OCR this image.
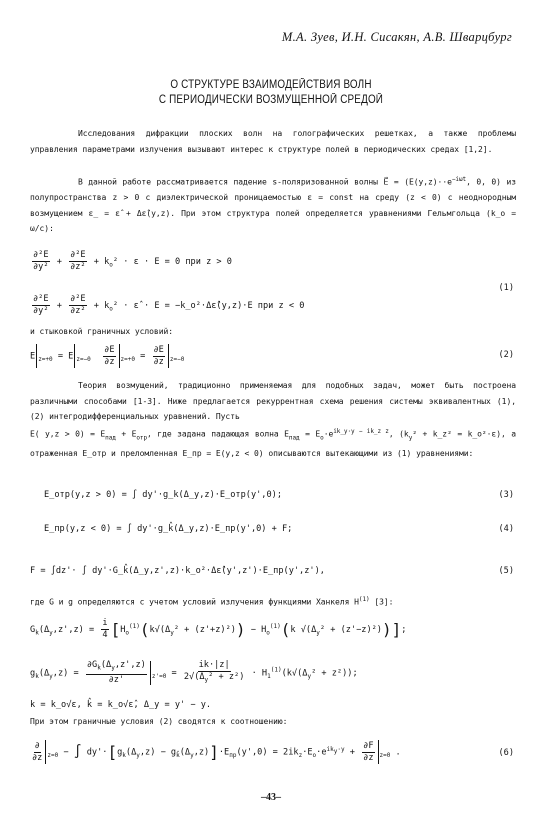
М.А. Зуев, И.Н. Сисакян, А.В. Шварцбург
О СТРУКТУРЕ ВЗАИМОДЕЙСТВИЯ ВОЛН
С ПЕРИОДИЧЕСКИ ВОЗМУЩЕННОЙ СРЕДОЙ
Исследования дифракции плоских волн на голографических решетках, а также проблемы управления параметрами излучения вызывают интерес к структуре полей в периодических средах [1,2].
В данной работе рассматривается падение s-поляризованной волны E⃗ = ($E(y,z)\cdot\cdot e^{-i\omega t}$, 0, 0) из полупространства z > 0 с диэлектрической проницаемостью ε = const на среду (z < 0) с неоднородным возмущением ε_ = ε̂ + Δε̂(y,z). При этом структура полей определяется уравнениями Гельмгольца (k_o = ω/c):
$\frac{\text{∂²E}}{\text{∂y²}} + \frac{\text{∂²E}}{\text{∂z²}} + k_o^2 \cdot \varepsilon \cdot E = 0$ при z > 0
$\frac{\text{∂²E}}{\text{∂y²}} + \frac{\text{∂²E}}{\text{∂z²}} + k_o^2$ · ε̂ · E = −k_o²·Δε̂(y,z)·E при z < 0
(1)
и стыковкой граничных условий:
E $_{z=+0}$ = E $_{z=-0} \frac{\partial E}{\partial z} _{z=+0} = \frac{\partial E}{\partial z} _{z=-0}$	(2)
Теория возмущений, традиционно применяемая для подобных задач, может быть построена различными способами [1-3]. Ниже предлагается рекуррентная схема решения системы эквивалентных (1), (2) интегродифференциальных уравнений. Пусть
E( $y,z > 0) = E_{пад} + E_{отр}$, где задана падающая волна $E_{пад} = E_o\cdot e^{ik\_y\cdot y - ik\_z z}$, ($k_y^2$ + k_z² = k_o²·ε), а отраженная E_отр и преломленная E_пр = E(y,z < 0) описываются вытекающими из (1) уравнениями:
E_отр(y,z > 0) = ∫ dy'·g_k(Δ_y,z)·E_отр(y',0);	(3)
E_пр(y,z < 0) = ∫ dy'·g_k̂(Δ_y,z)·E_пр(y',0) + F;	(4)
F = ∫dz'· ∫ dy'·G_k̂(Δ_y,z',z)·k_o²·Δε̂(y',z')·E_пр(y',z'),	(5)
где G и g определяются с учетом условий излучения функциями Ханкеля $H^{(1)}$ [3]:
$G_k(\Delta_y,z',z) = \frac{i}{4} [H_o^{(1)}(k√(\Delta_y^2 + (z'+z)^2)) - H_o^{(1)}(k$ $√(\Delta_y^2 + (z'-z)^2)$)];
$g_k(\Delta_y,z) = \frac{\partial G_k(\Delta_y,z',z)}{\partial z'} _{z'=0} = \frac{ik\cdot|z|}{2√(\Delta_y^2 + z^2)} \cdot H_1^{(1)}(k√(\Delta_y^2 + z^2))$;
k = k_o√ε, k̂ = k_o√ε̂, Δ_y = y' − y.
При этом граничные условия (2) сводятся к соотношению:
$\frac{\partial}{\partial z} _{z=0}$ − ∫ $dy'\cdot[g_k(\Delta_y,z) - g_{k̂}(\Delta_y,z)]\cdot E_{пр}(y',0) = 2ik_z\cdot E_o\cdot e^{ik_y\cdot y} + \frac{\partial F}{\partial z} _{z=0}$ .	(6)
–43–
